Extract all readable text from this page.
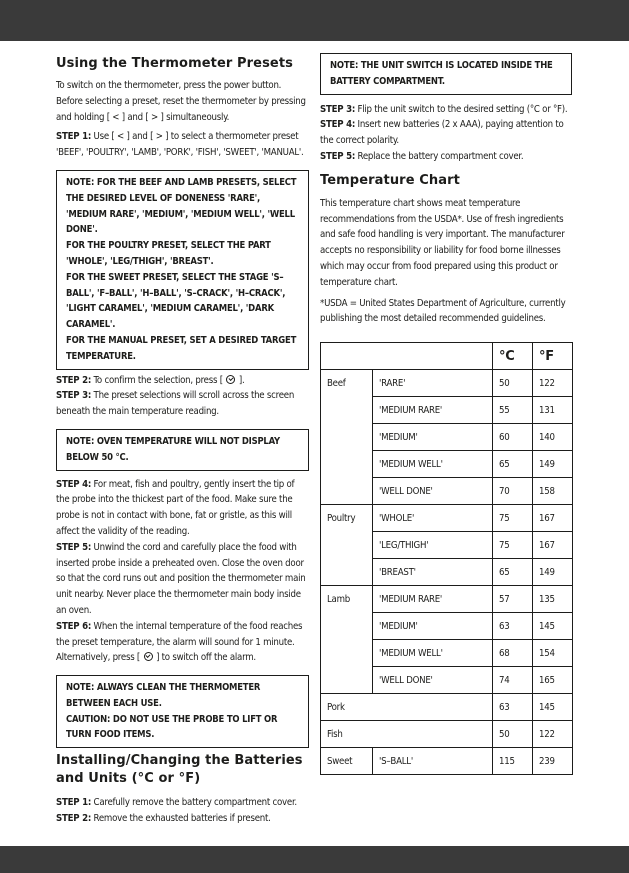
Using the Thermometer Presets

To switch on the thermometer, press the power button. Before selecting a preset, reset the thermometer by pressing and holding [ < ] and [ > ] simultaneously.

STEP 1: Use [ < ] and [ > ] to select a thermometer preset 'BEEF', 'POULTRY', 'LAMB', 'PORK', 'FISH', 'SWEET', 'MANUAL'.

NOTE: FOR THE BEEF AND LAMB PRESETS, SELECT THE DESIRED LEVEL OF DONENESS 'RARE', 'MEDIUM RARE', 'MEDIUM', 'MEDIUM WELL', 'WELL DONE'.
FOR THE POULTRY PRESET, SELECT THE PART 'WHOLE', 'LEG/THIGH', 'BREAST'.
FOR THE SWEET PRESET, SELECT THE STAGE 'S–BALL', 'F–BALL', 'H–BALL', 'S–CRACK', 'H–CRACK', 'LIGHT CARAMEL', 'MEDIUM CARAMEL', 'DARK CARAMEL'.
FOR THE MANUAL PRESET, SET A DESIRED TARGET TEMPERATURE.

STEP 2: To confirm the selection, press [ ].

STEP 3: The preset selections will scroll across the screen beneath the main temperature reading.

NOTE: OVEN TEMPERATURE WILL NOT DISPLAY BELOW 50 °C.

STEP 4: For meat, fish and poultry, gently insert the tip of the probe into the thickest part of the food. Make sure the probe is not in contact with bone, fat or gristle, as this will affect the validity of the reading.

STEP 5: Unwind the cord and carefully place the food with inserted probe inside a preheated oven. Close the oven door so that the cord runs out and position the thermometer main unit nearby. Never place the thermometer main body inside an oven.

STEP 6: When the internal temperature of the food reaches the preset temperature, the alarm will sound for 1 minute. Alternatively, press [ ] to switch off the alarm.

NOTE: ALWAYS CLEAN THE THERMOMETER BETWEEN EACH USE.
CAUTION: DO NOT USE THE PROBE TO LIFT OR TURN FOOD ITEMS.
Installing/Changing the Batteries and Units (°C or °F)

STEP 1: Carefully remove the battery compartment cover.

STEP 2: Remove the exhausted batteries if present.

NOTE: THE UNIT SWITCH IS LOCATED INSIDE THE BATTERY COMPARTMENT.

STEP 3: Flip the unit switch to the desired setting (°C or °F).

STEP 4: Insert new batteries (2 x AAA), paying attention to the correct polarity.

STEP 5: Replace the battery compartment cover.

Temperature Chart

This temperature chart shows meat temperature recommendations from the USDA*. Use of fresh ingredients and safe food handling is very important. The manufacturer accepts no responsibility or liability for food borne illnesses which may occur from food prepared using this product or temperature chart.

*USDA = United States Department of Agriculture, currently publishing the most detailed recommended guidelines.

		°C	°F
Beef	'RARE'	50	122
	'MEDIUM RARE'	55	131
	'MEDIUM'	60	140
	'MEDIUM WELL'	65	149
	'WELL DONE'	70	158
Poultry	'WHOLE'	75	167
	'LEG/THIGH'	75	167
	'BREAST'	65	149
Lamb	'MEDIUM RARE'	57	135
	'MEDIUM'	63	145
	'MEDIUM WELL'	68	154
	'WELL DONE'	74	165
Pork		63	145
Fish		50	122
Sweet	'S–BALL'	115	239
